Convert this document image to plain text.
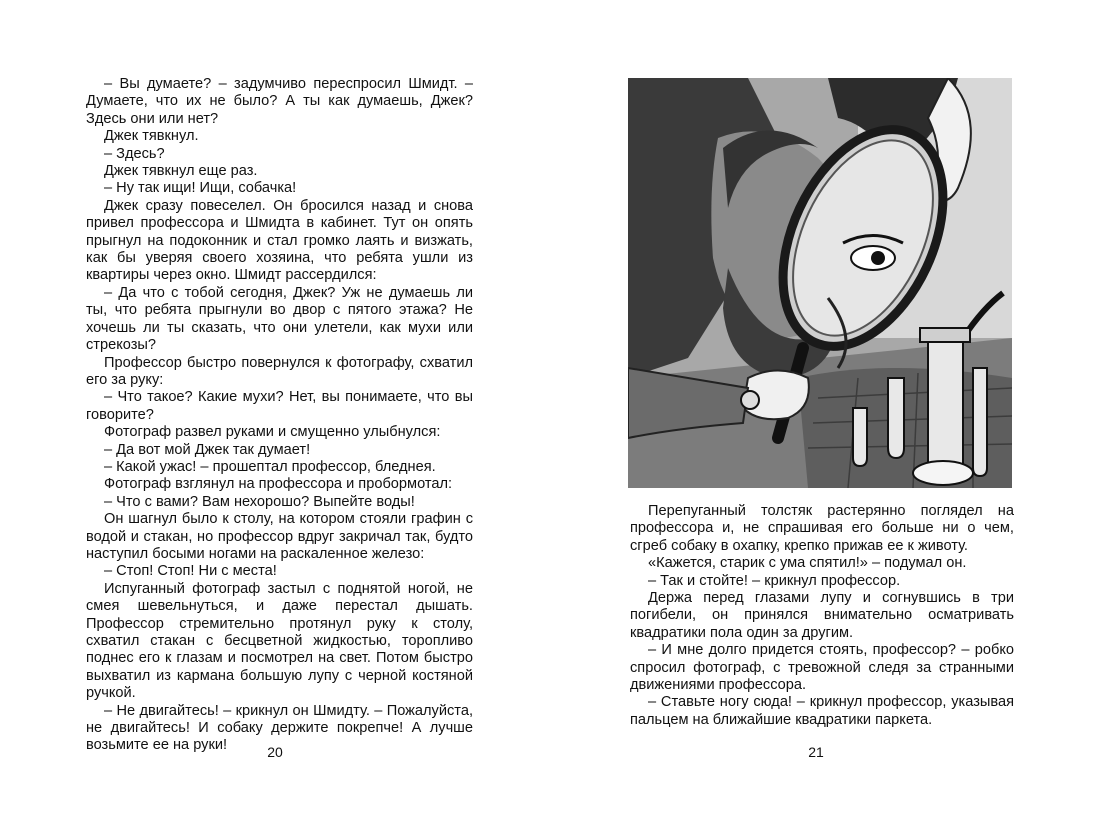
– Вы думаете? – задумчиво переспросил Шмидт. – Думаете, что их не было? А ты как думаешь, Джек? Здесь они или нет?

Джек тявкнул.

– Здесь?

Джек тявкнул еще раз.

– Ну так ищи! Ищи, собачка!

Джек сразу повеселел. Он бросился назад и снова привел профессора и Шмидта в кабинет. Тут он опять прыгнул на подоконник и стал громко лаять и визжать, как бы уверяя своего хозяина, что ребята ушли из квартиры через окно. Шмидт рассердился:

– Да что с тобой сегодня, Джек? Уж не думаешь ли ты, что ребята прыгнули во двор с пятого этажа? Не хочешь ли ты сказать, что они улетели, как мухи или стрекозы?

Профессор быстро повернулся к фотографу, схватил его за руку:

– Что такое? Какие мухи? Нет, вы понимаете, что вы говорите?

Фотограф развел руками и смущенно улыбнулся:

– Да вот мой Джек так думает!

– Какой ужас! – прошептал профессор, бледнея.

Фотограф взглянул на профессора и пробормотал:

– Что с вами? Вам нехорошо? Выпейте воды!

Он шагнул было к столу, на котором стояли графин с водой и стакан, но профессор вдруг закричал так, будто наступил босыми ногами на раскаленное железо:

– Стоп! Стоп! Ни с места!

Испуганный фотограф застыл с поднятой ногой, не смея шевельнуться, и даже перестал дышать. Профессор стремительно протянул руку к столу, схватил стакан с бесцветной жидкостью, торопливо поднес его к глазам и посмотрел на свет. Потом быстро выхватил из кармана большую лупу с черной костяной ручкой.

– Не двигайтесь! – крикнул он Шмидту. – Пожалуйста, не двигайтесь! И собаку держите покрепче! А лучше возьмите ее на руки!	20

Перепуганный толстяк растерянно поглядел на профессора и, не спрашивая его больше ни о чем, сгреб собаку в охапку, крепко прижав ее к животу.

«Кажется, старик с ума спятил!» – подумал он.

– Так и стойте! – крикнул профессор.

Держа перед глазами лупу и согнувшись в три погибели, он принялся внимательно осматривать квадратики пола один за другим.

– И мне долго придется стоять, профессор? – робко спросил фотограф, с тревожной следя за странными движениями профессора.

– Ставьте ногу сюда! – крикнул профессор, указывая пальцем на ближайшие квадратики паркета.

21
